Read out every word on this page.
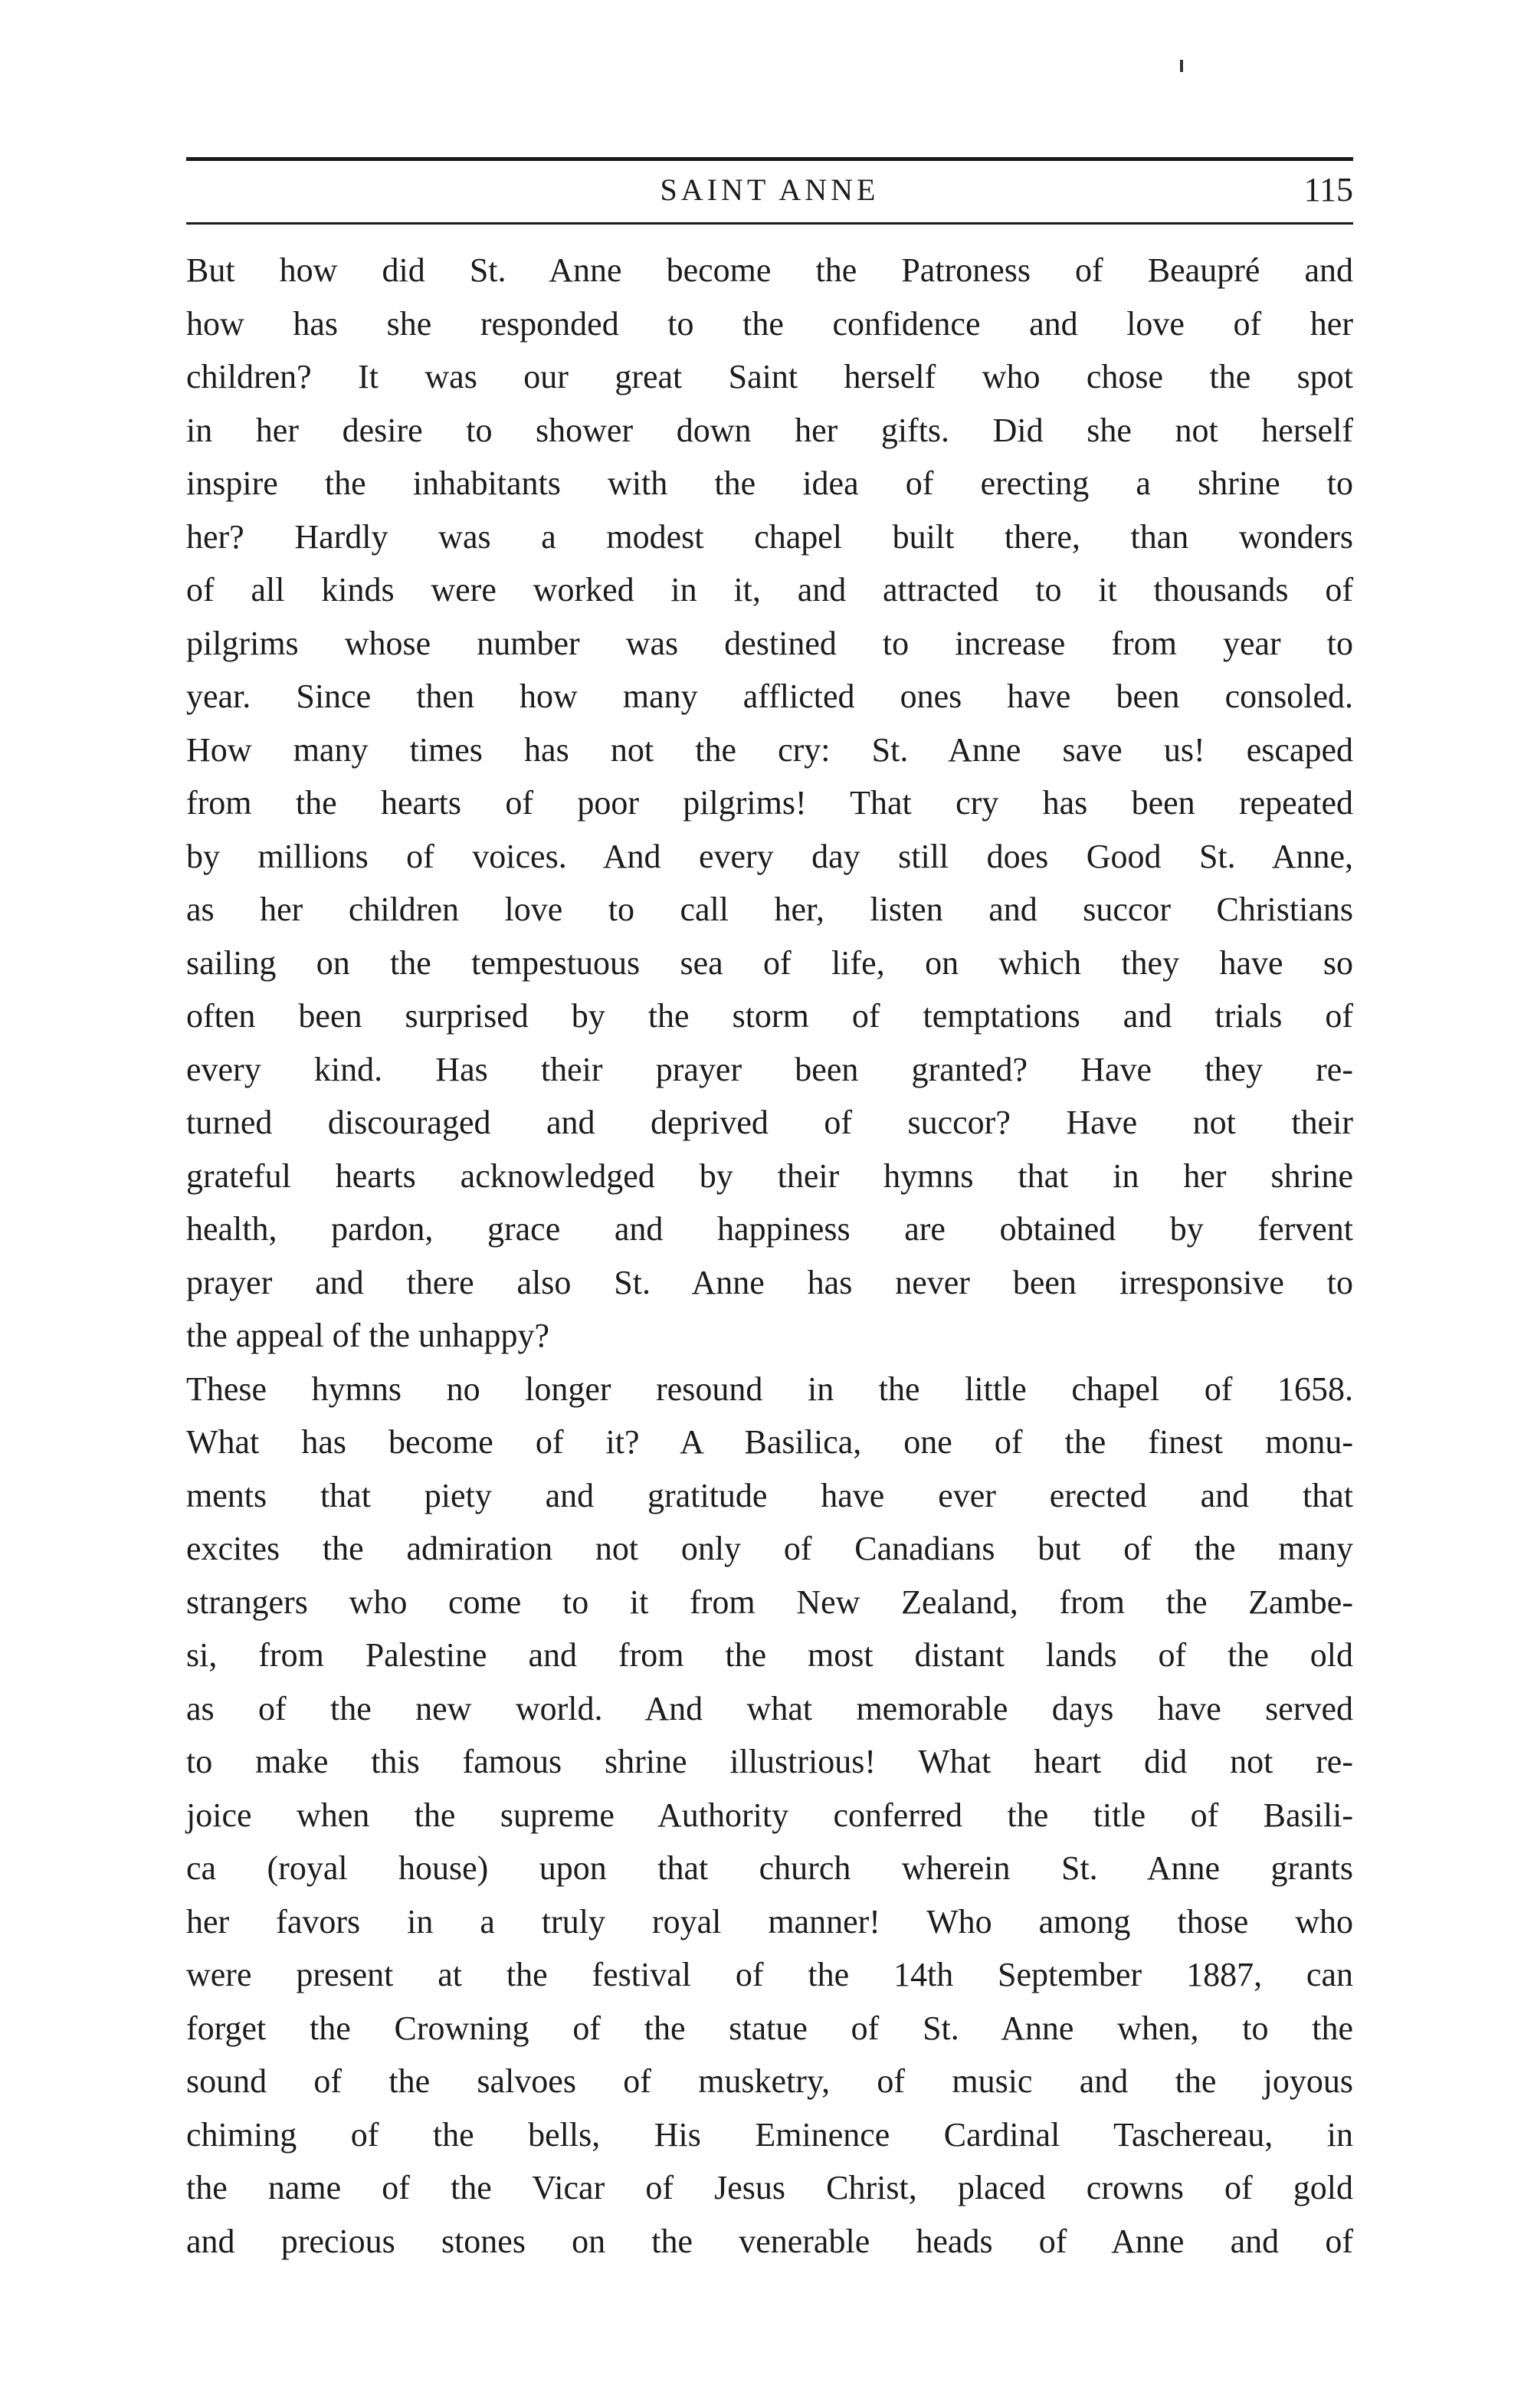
SAINT ANNE	115
But how did St. Anne become the Patroness of Beaupré and
how has she responded to the confidence and love of her
children? It was our great Saint herself who chose the spot
in her desire to shower down her gifts. Did she not herself
inspire the inhabitants with the idea of erecting a shrine to
her? Hardly was a modest chapel built there, than wonders
of all kinds were worked in it, and attracted to it thousands of
pilgrims whose number was destined to increase from year to
year. Since then how many afflicted ones have been consoled.
How many times has not the cry: St. Anne save us! escaped
from the hearts of poor pilgrims! That cry has been repeated
by millions of voices. And every day still does Good St. Anne,
as her children love to call her, listen and succor Christians
sailing on the tempestuous sea of life, on which they have so
often been surprised by the storm of temptations and trials of
every kind. Has their prayer been granted? Have they re-
turned discouraged and deprived of succor? Have not their
grateful hearts acknowledged by their hymns that in her shrine
health, pardon, grace and happiness are obtained by fervent
prayer and there also St. Anne has never been irresponsive to
the appeal of the unhappy?
These hymns no longer resound in the little chapel of 1658.
What has become of it? A Basilica, one of the finest monu-
ments that piety and gratitude have ever erected and that
excites the admiration not only of Canadians but of the many
strangers who come to it from New Zealand, from the Zambe-
si, from Palestine and from the most distant lands of the old
as of the new world. And what memorable days have served
to make this famous shrine illustrious! What heart did not re-
joice when the supreme Authority conferred the title of Basili-
ca (royal house) upon that church wherein St. Anne grants
her favors in a truly royal manner! Who among those who
were present at the festival of the 14th September 1887, can
forget the Crowning of the statue of St. Anne when, to the
sound of the salvoes of musketry, of music and the joyous
chiming of the bells, His Eminence Cardinal Taschereau, in
the name of the Vicar of Jesus Christ, placed crowns of gold
and precious stones on the venerable heads of Anne and of
